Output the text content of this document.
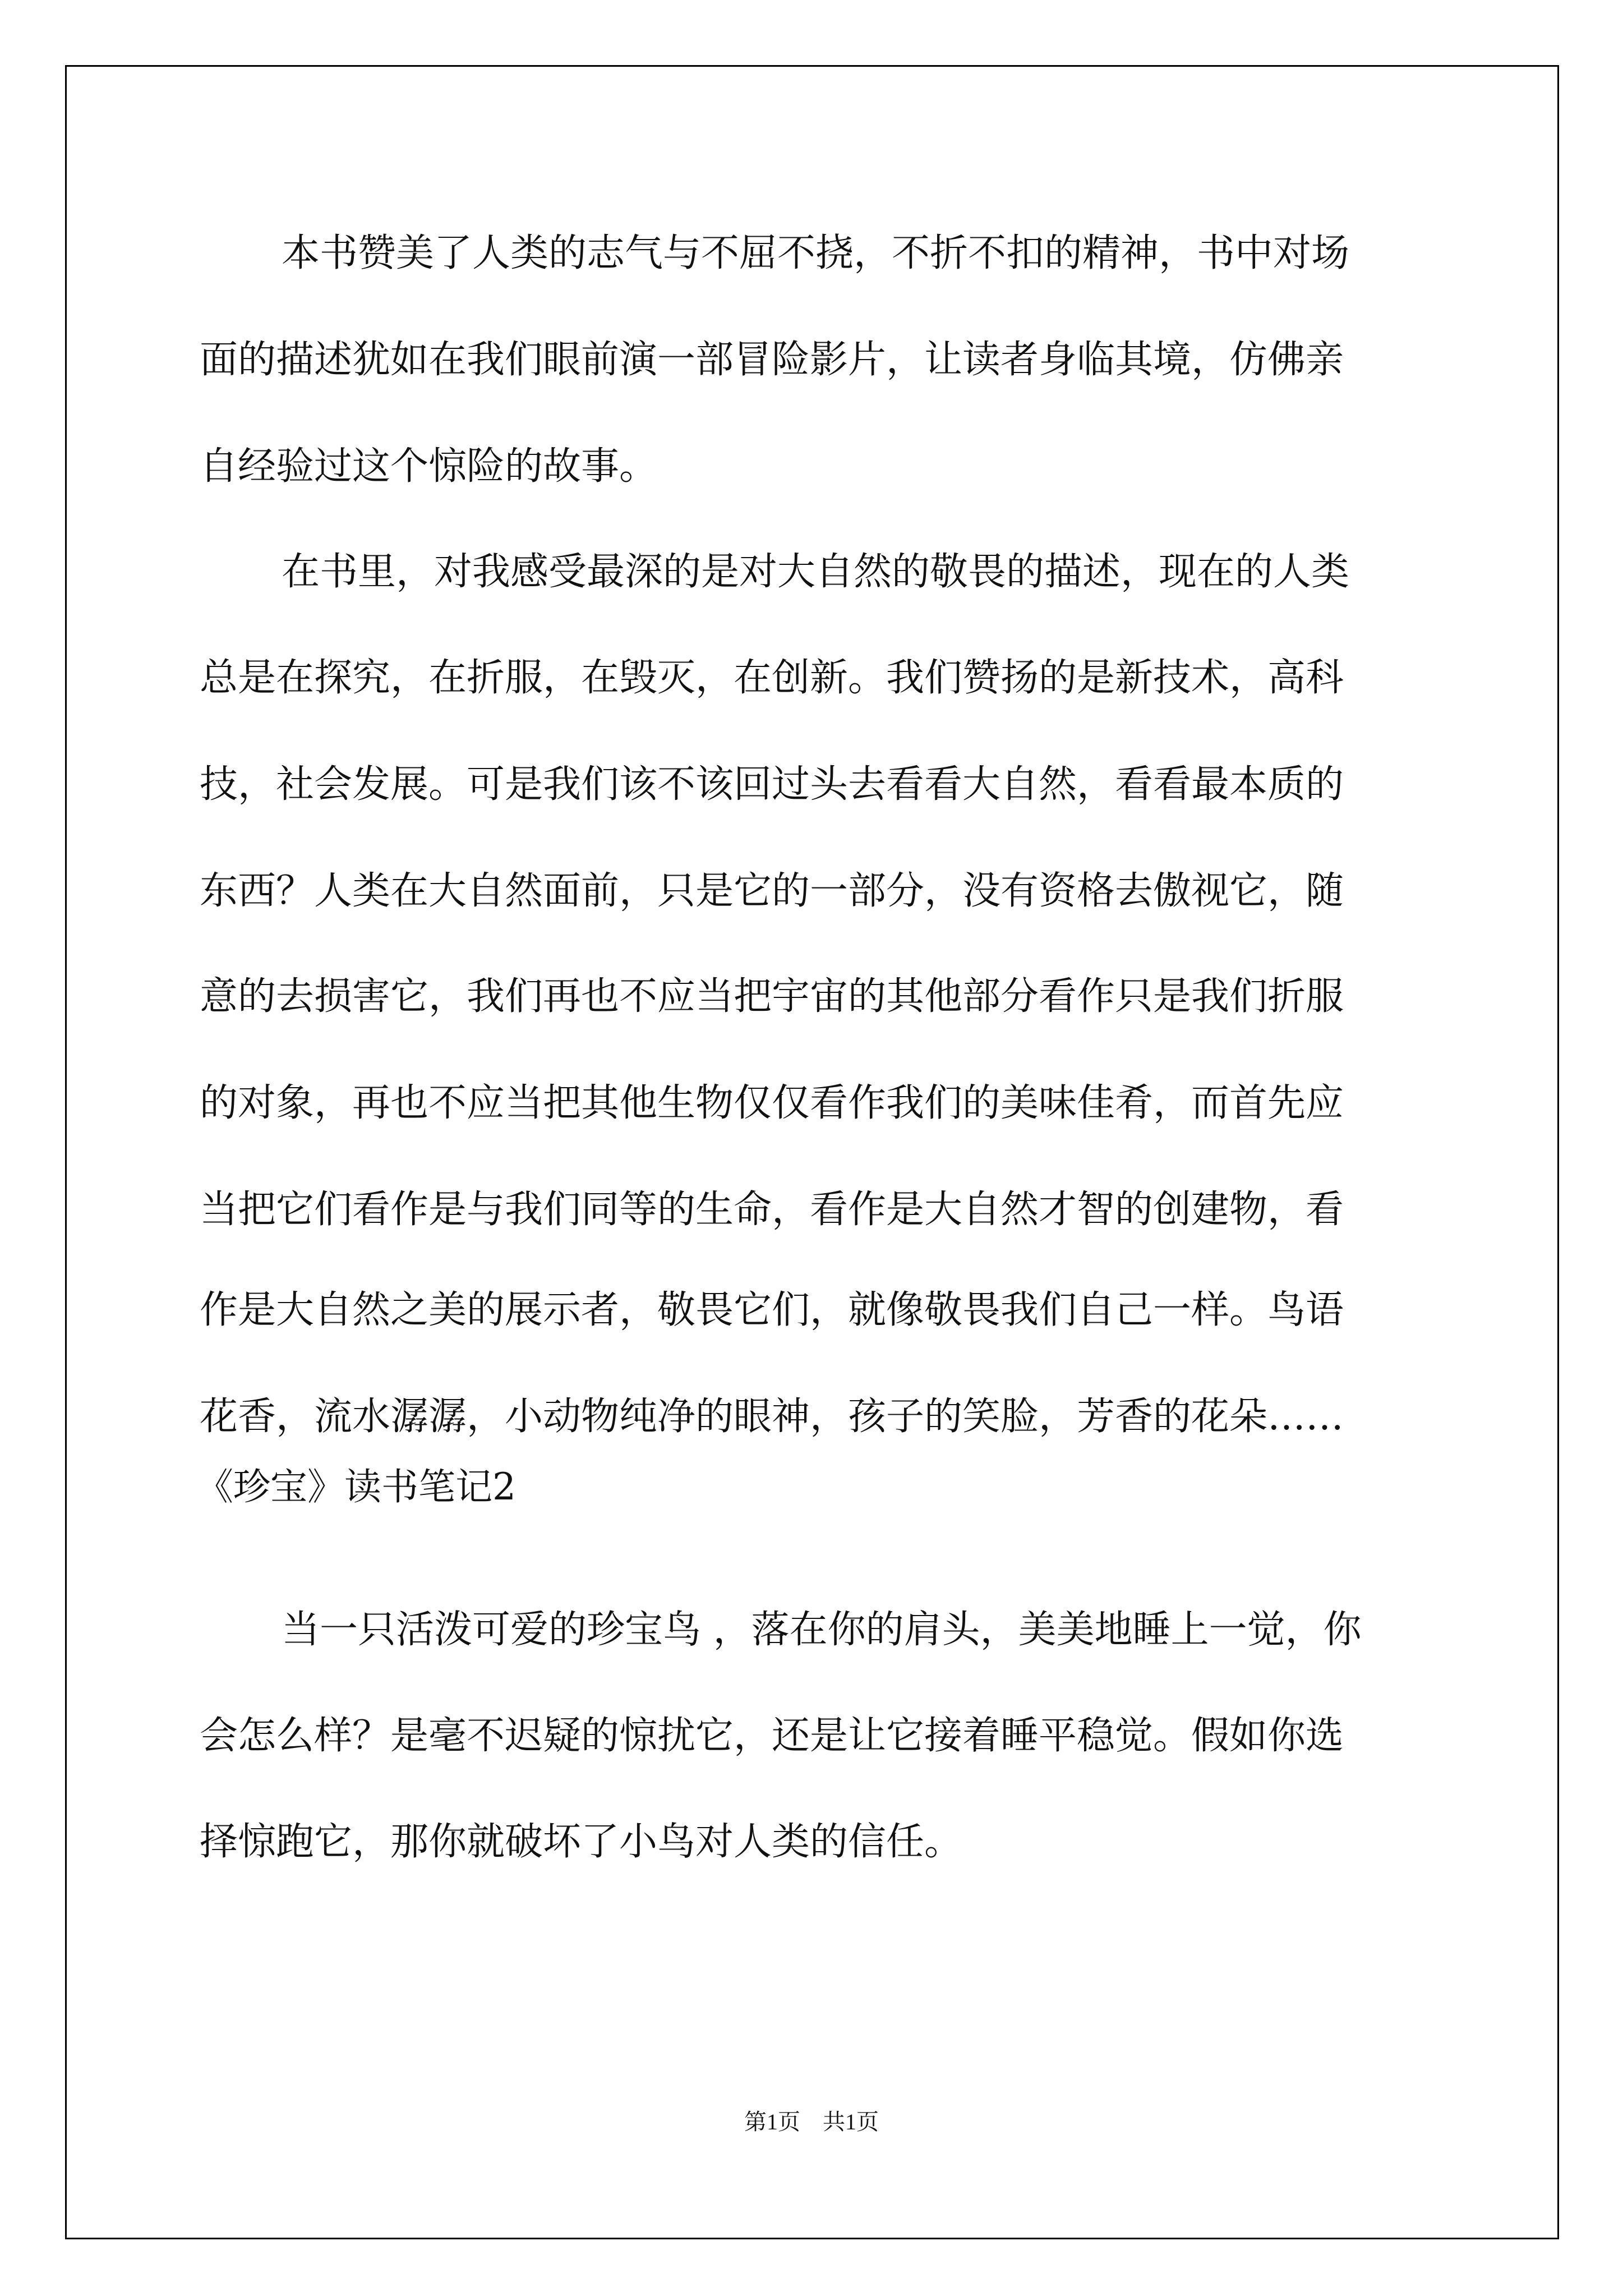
本书赞美了人类的志气与不屈不挠，不折不扣的精神，书中对场
面的描述犹如在我们眼前演一部冒险影片，让读者身临其境，仿佛亲
自经验过这个惊险的故事。
在书里，对我感受最深的是对大自然的敬畏的描述，现在的人类
总是在探究，在折服，在毁灭，在创新。我们赞扬的是新技术，高科
技，社会发展。可是我们该不该回过头去看看大自然，看看最本质的
东西？人类在大自然面前，只是它的一部分，没有资格去傲视它，随
意的去损害它，我们再也不应当把宇宙的其他部分看作只是我们折服
的对象，再也不应当把其他生物仅仅看作我们的美味佳肴，而首先应
当把它们看作是与我们同等的生命，看作是大自然才智的创建物，看
作是大自然之美的展示者，敬畏它们，就像敬畏我们自己一样。鸟语
花香，流水潺潺，小动物纯净的眼神，孩子的笑脸，芳香的花朵……
《珍宝》读书笔记2
当一只活泼可爱的珍宝鸟 ，落在你的肩头，美美地睡上一觉，你
会怎么样？是毫不迟疑的惊扰它，还是让它接着睡平稳觉。假如你选
择惊跑它，那你就破坏了小鸟对人类的信任。
第1页　共1页
